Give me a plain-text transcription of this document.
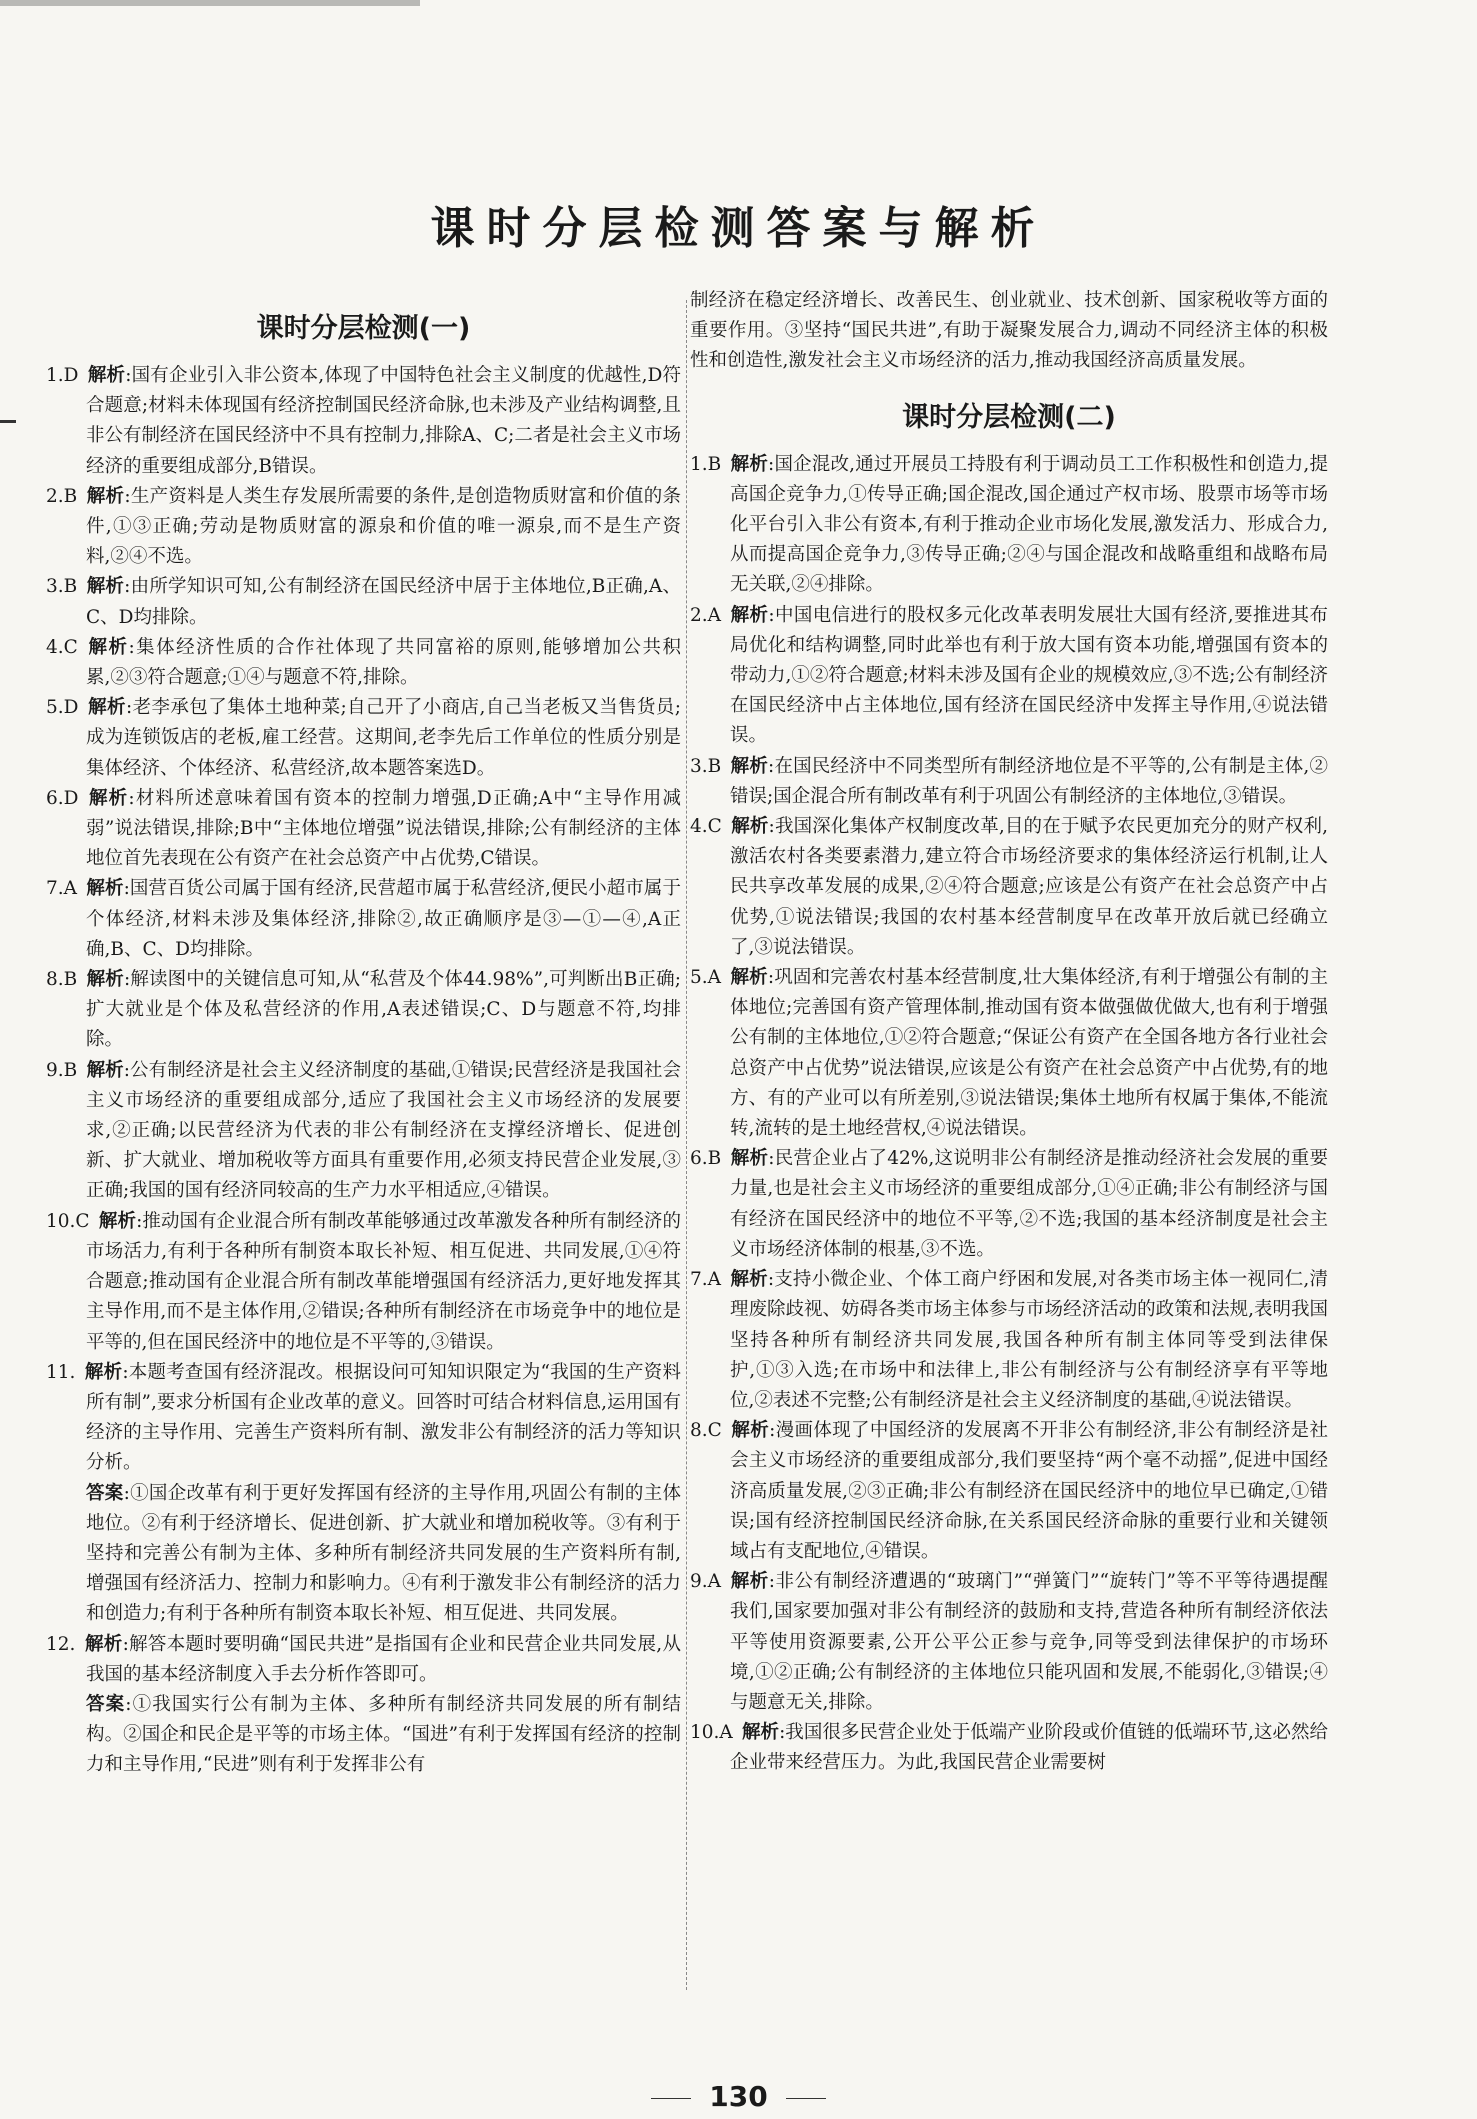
课时分层检测答案与解析
课时分层检测(一)

1.D  解析:国有企业引入非公资本,体现了中国特色社会主义制度的优越性,D符合题意;材料未体现国有经济控制国民经济命脉,也未涉及产业结构调整,且非公有制经济在国民经济中不具有控制力,排除A、C;二者是社会主义市场经济的重要组成部分,B错误。

2.B  解析:生产资料是人类生存发展所需要的条件,是创造物质财富和价值的条件,①③正确;劳动是物质财富的源泉和价值的唯一源泉,而不是生产资料,②④不选。

3.B  解析:由所学知识可知,公有制经济在国民经济中居于主体地位,B正确,A、C、D均排除。

4.C  解析:集体经济性质的合作社体现了共同富裕的原则,能够增加公共积累,②③符合题意;①④与题意不符,排除。

5.D  解析:老李承包了集体土地种菜;自己开了小商店,自己当老板又当售货员;成为连锁饭店的老板,雇工经营。这期间,老李先后工作单位的性质分别是集体经济、个体经济、私营经济,故本题答案选D。

6.D  解析:材料所述意味着国有资本的控制力增强,D正确;A中“主导作用减弱”说法错误,排除;B中“主体地位增强”说法错误,排除;公有制经济的主体地位首先表现在公有资产在社会总资产中占优势,C错误。

7.A  解析:国营百货公司属于国有经济,民营超市属于私营经济,便民小超市属于个体经济,材料未涉及集体经济,排除②,故正确顺序是③—①—④,A正确,B、C、D均排除。

8.B  解析:解读图中的关键信息可知,从“私营及个体44.98%”,可判断出B正确;扩大就业是个体及私营经济的作用,A表述错误;C、D与题意不符,均排除。

9.B  解析:公有制经济是社会主义经济制度的基础,①错误;民营经济是我国社会主义市场经济的重要组成部分,适应了我国社会主义市场经济的发展要求,②正确;以民营经济为代表的非公有制经济在支撑经济增长、促进创新、扩大就业、增加税收等方面具有重要作用,必须支持民营企业发展,③正确;我国的国有经济同较高的生产力水平相适应,④错误。

10.C  解析:推动国有企业混合所有制改革能够通过改革激发各种所有制经济的市场活力,有利于各种所有制资本取长补短、相互促进、共同发展,①④符合题意;推动国有企业混合所有制改革能增强国有经济活力,更好地发挥其主导作用,而不是主体作用,②错误;各种所有制经济在市场竞争中的地位是平等的,但在国民经济中的地位是不平等的,③错误。

11.  解析:本题考查国有经济混改。根据设问可知知识限定为“我国的生产资料所有制”,要求分析国有企业改革的意义。回答时可结合材料信息,运用国有经济的主导作用、完善生产资料所有制、激发非公有制经济的活力等知识分析。

答案:①国企改革有利于更好发挥国有经济的主导作用,巩固公有制的主体地位。②有利于经济增长、促进创新、扩大就业和增加税收等。③有利于坚持和完善公有制为主体、多种所有制经济共同发展的生产资料所有制,增强国有经济活力、控制力和影响力。④有利于激发非公有制经济的活力和创造力;有利于各种所有制资本取长补短、相互促进、共同发展。

12.  解析:解答本题时要明确“国民共进”是指国有企业和民营企业共同发展,从我国的基本经济制度入手去分析作答即可。

答案:①我国实行公有制为主体、多种所有制经济共同发展的所有制结构。②国企和民企是平等的市场主体。“国进”有利于发挥国有经济的控制力和主导作用,“民进”则有利于发挥非公有

制经济在稳定经济增长、改善民生、创业就业、技术创新、国家税收等方面的重要作用。③坚持“国民共进”,有助于凝聚发展合力,调动不同经济主体的积极性和创造性,激发社会主义市场经济的活力,推动我国经济高质量发展。

课时分层检测(二)

1.B  解析:国企混改,通过开展员工持股有利于调动员工工作积极性和创造力,提高国企竞争力,①传导正确;国企混改,国企通过产权市场、股票市场等市场化平台引入非公有资本,有利于推动企业市场化发展,激发活力、形成合力,从而提高国企竞争力,③传导正确;②④与国企混改和战略重组和战略布局无关联,②④排除。

2.A  解析:中国电信进行的股权多元化改革表明发展壮大国有经济,要推进其布局优化和结构调整,同时此举也有利于放大国有资本功能,增强国有资本的带动力,①②符合题意;材料未涉及国有企业的规模效应,③不选;公有制经济在国民经济中占主体地位,国有经济在国民经济中发挥主导作用,④说法错误。

3.B  解析:在国民经济中不同类型所有制经济地位是不平等的,公有制是主体,②错误;国企混合所有制改革有利于巩固公有制经济的主体地位,③错误。

4.C  解析:我国深化集体产权制度改革,目的在于赋予农民更加充分的财产权利,激活农村各类要素潜力,建立符合市场经济要求的集体经济运行机制,让人民共享改革发展的成果,②④符合题意;应该是公有资产在社会总资产中占优势,①说法错误;我国的农村基本经营制度早在改革开放后就已经确立了,③说法错误。

5.A  解析:巩固和完善农村基本经营制度,壮大集体经济,有利于增强公有制的主体地位;完善国有资产管理体制,推动国有资本做强做优做大,也有利于增强公有制的主体地位,①②符合题意;“保证公有资产在全国各地方各行业社会总资产中占优势”说法错误,应该是公有资产在社会总资产中占优势,有的地方、有的产业可以有所差别,③说法错误;集体土地所有权属于集体,不能流转,流转的是土地经营权,④说法错误。

6.B  解析:民营企业占了42%,这说明非公有制经济是推动经济社会发展的重要力量,也是社会主义市场经济的重要组成部分,①④正确;非公有制经济与国有经济在国民经济中的地位不平等,②不选;我国的基本经济制度是社会主义市场经济体制的根基,③不选。

7.A  解析:支持小微企业、个体工商户纾困和发展,对各类市场主体一视同仁,清理废除歧视、妨碍各类市场主体参与市场经济活动的政策和法规,表明我国坚持各种所有制经济共同发展,我国各种所有制主体同等受到法律保护,①③入选;在市场中和法律上,非公有制经济与公有制经济享有平等地位,②表述不完整;公有制经济是社会主义经济制度的基础,④说法错误。

8.C  解析:漫画体现了中国经济的发展离不开非公有制经济,非公有制经济是社会主义市场经济的重要组成部分,我们要坚持“两个毫不动摇”,促进中国经济高质量发展,②③正确;非公有制经济在国民经济中的地位早已确定,①错误;国有经济控制国民经济命脉,在关系国民经济命脉的重要行业和关键领域占有支配地位,④错误。

9.A  解析:非公有制经济遭遇的“玻璃门”“弹簧门”“旋转门”等不平等待遇提醒我们,国家要加强对非公有制经济的鼓励和支持,营造各种所有制经济依法平等使用资源要素,公开公平公正参与竞争,同等受到法律保护的市场环境,①②正确;公有制经济的主体地位只能巩固和发展,不能弱化,③错误;④与题意无关,排除。

10.A  解析:我国很多民营企业处于低端产业阶段或价值链的低端环节,这必然给企业带来经营压力。为此,我国民营企业需要树

130
